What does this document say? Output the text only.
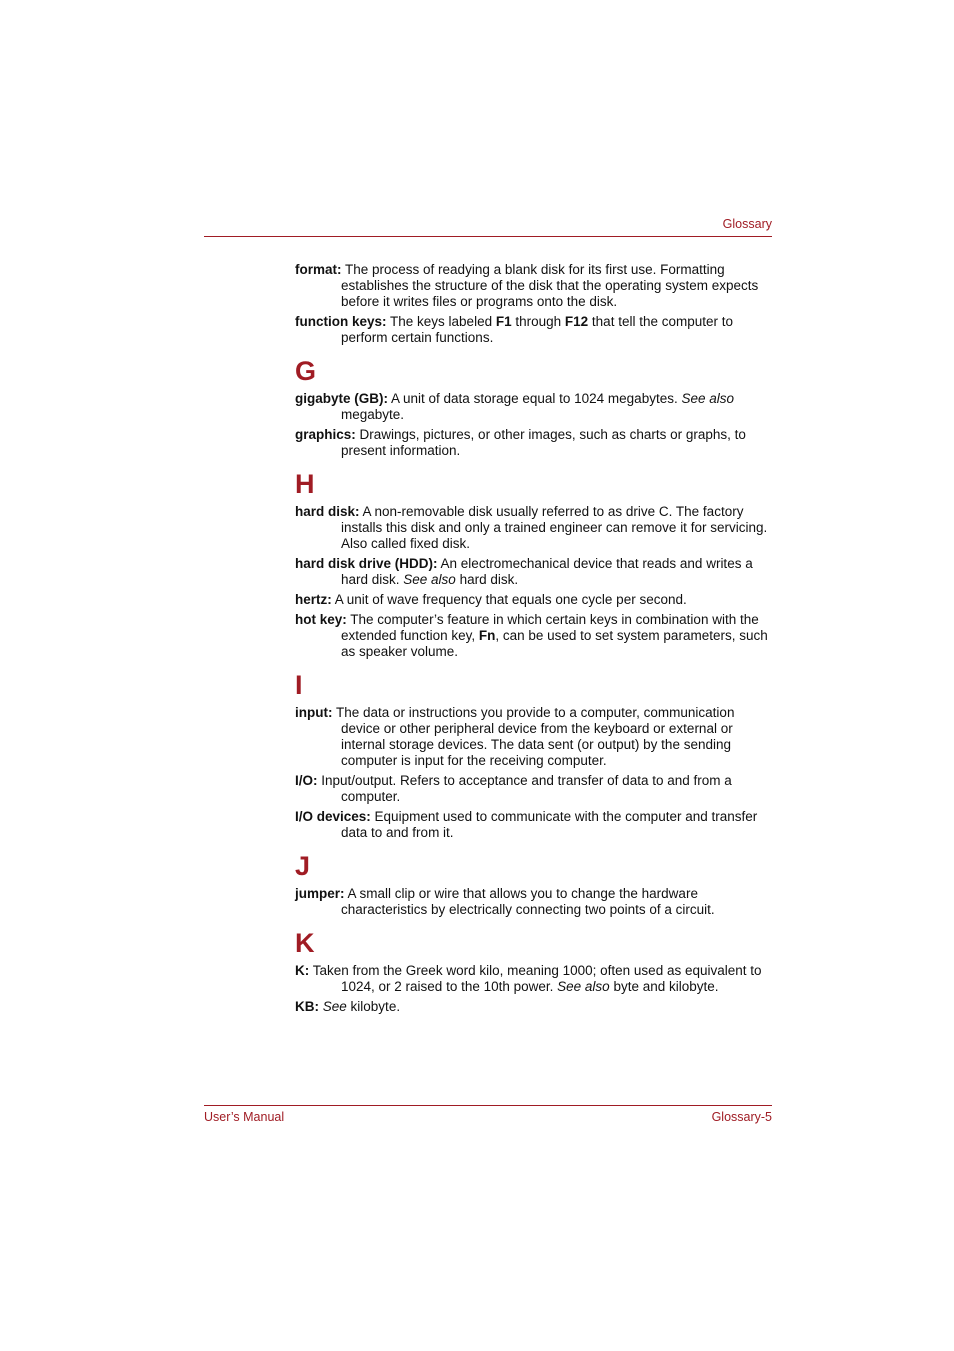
Glossary

format: The process of readying a blank disk for its first use. Formatting establishes the structure of the disk that the operating system expects before it writes files or programs onto the disk.

function keys: The keys labeled F1 through F12 that tell the computer to perform certain functions.

G

gigabyte (GB): A unit of data storage equal to 1024 megabytes. See also megabyte.

graphics: Drawings, pictures, or other images, such as charts or graphs, to present information.

H

hard disk: A non-removable disk usually referred to as drive C. The factory installs this disk and only a trained engineer can remove it for servicing. Also called fixed disk.

hard disk drive (HDD): An electromechanical device that reads and writes a hard disk. See also hard disk.

hertz: A unit of wave frequency that equals one cycle per second.

hot key: The computer’s feature in which certain keys in combination with the extended function key, Fn, can be used to set system parameters, such as speaker volume.

I

input: The data or instructions you provide to a computer, communication device or other peripheral device from the keyboard or external or internal storage devices. The data sent (or output) by the sending computer is input for the receiving computer.

I/O: Input/output. Refers to acceptance and transfer of data to and from a computer.

I/O devices: Equipment used to communicate with the computer and transfer data to and from it.

J

jumper: A small clip or wire that allows you to change the hardware characteristics by electrically connecting two points of a circuit.

K

K: Taken from the Greek word kilo, meaning 1000; often used as equivalent to 1024, or 2 raised to the 10th power. See also byte and kilobyte.

KB: See kilobyte.

User’s Manual	Glossary-5
